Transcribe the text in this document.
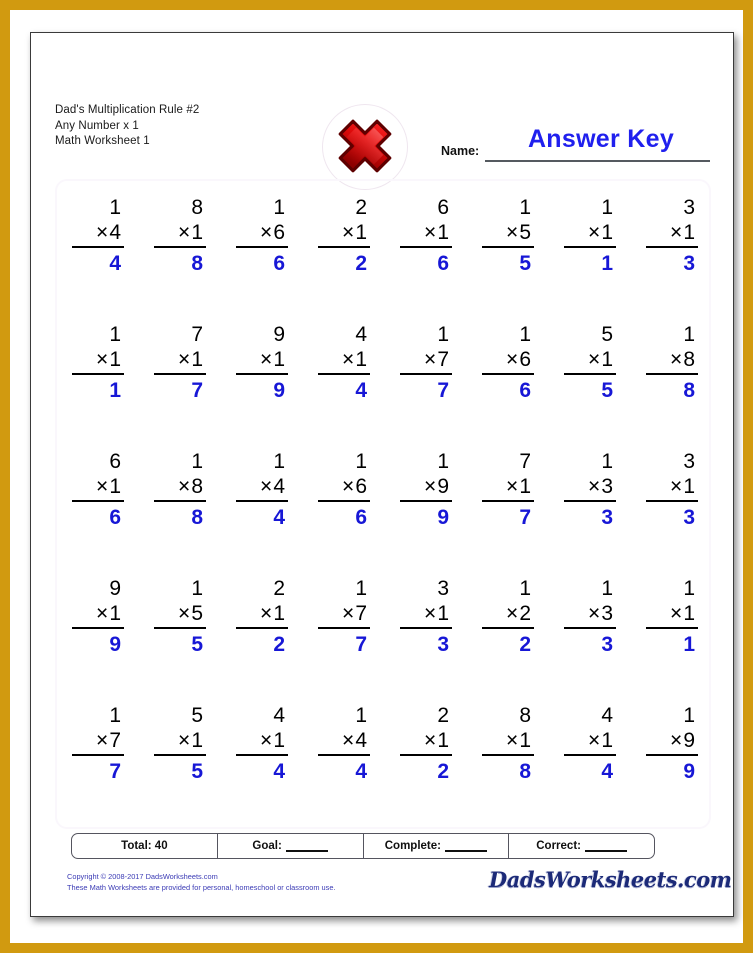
Dad's Multiplication Rule #2
Any Number x 1
Math Worksheet 1
Name:	Answer Key
1
×4
4
8
×1
8
1
×6
6
2
×1
2
6
×1
6
1
×5
5
1
×1
1
3
×1
3
1
×1
1
7
×1
7
9
×1
9
4
×1
4
1
×7
7
1
×6
6
5
×1
5
1
×8
8
6
×1
6
1
×8
8
1
×4
4
1
×6
6
1
×9
9
7
×1
7
1
×3
3
3
×1
3
9
×1
9
1
×5
5
2
×1
2
1
×7
7
3
×1
3
1
×2
2
1
×3
3
1
×1
1
1
×7
7
5
×1
5
4
×1
4
1
×4
4
2
×1
2
8
×1
8
4
×1
4
1
×9
9
Total: 40	Goal:	Complete:	Correct:
Copyright © 2008-2017 DadsWorksheets.com
These Math Worksheets are provided for personal, homeschool or classroom use.	DadsWorksheets.com
